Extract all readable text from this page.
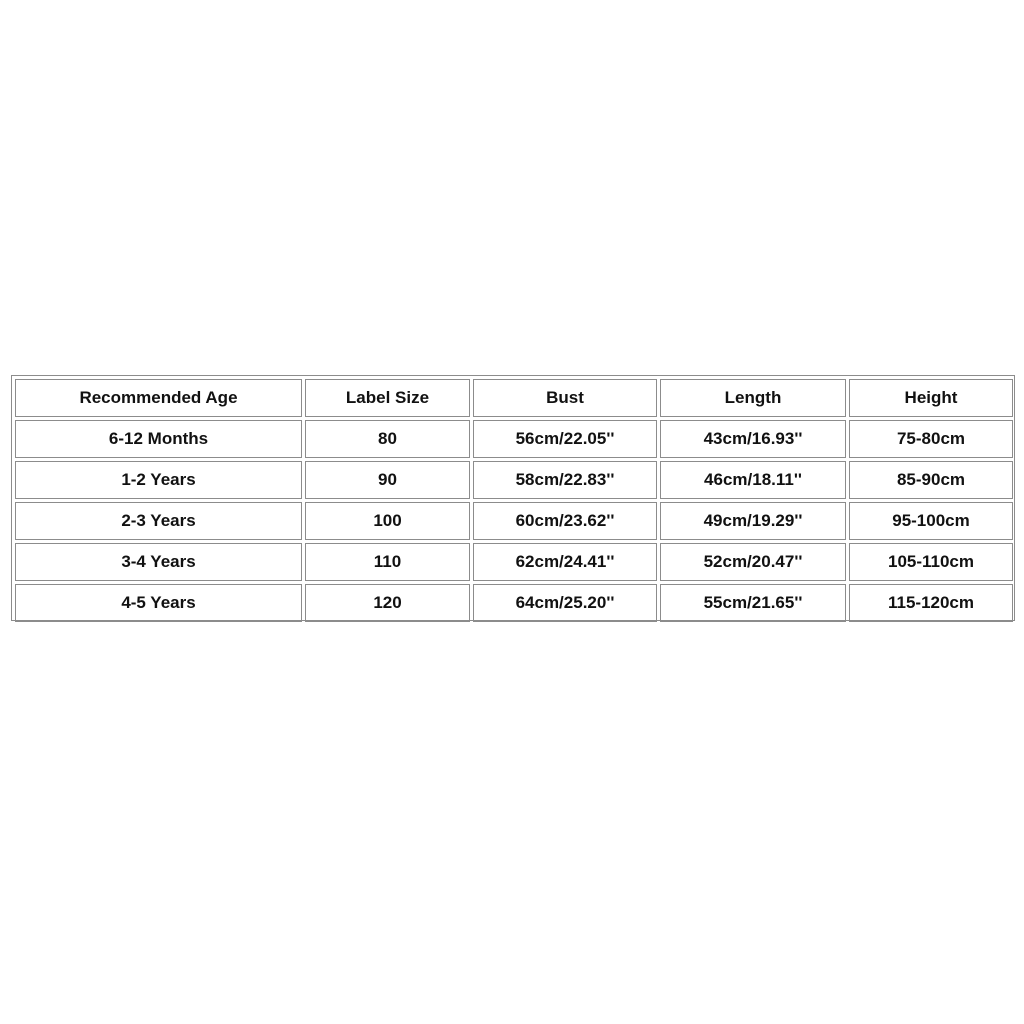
Recommended Age	Label Size	Bust	Length	Height
6-12 Months	80	56cm/22.05''	43cm/16.93''	75-80cm
1-2 Years	90	58cm/22.83''	46cm/18.11''	85-90cm
2-3 Years	100	60cm/23.62''	49cm/19.29''	95-100cm
3-4 Years	110	62cm/24.41''	52cm/20.47''	105-110cm
4-5 Years	120	64cm/25.20''	55cm/21.65''	115-120cm
